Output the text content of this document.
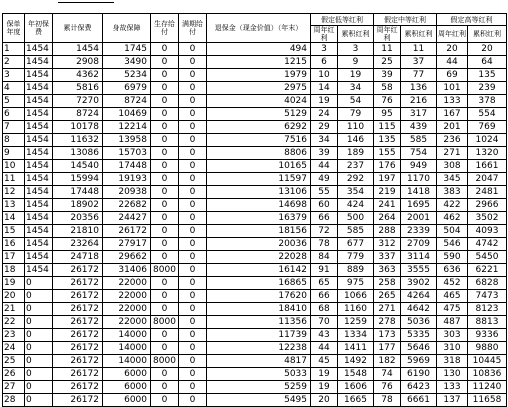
保单年度	年初保费	累计保费	身故保障	生存给付	满期给付	退保金（现金价值）（年末）	假定低等红利		假定中等红利		假定高等红利	
							周年红利	累积红利	周年红利	累积红利	周年红利	累积红利
1	1454	1454	1745	0	0	494	3	3	11	11	20	20
2	1454	2908	3490	0	0	1215	6	9	25	37	44	64
3	1454	4362	5234	0	0	1979	10	19	39	77	69	135
4	1454	5816	6979	0	0	2975	14	34	58	136	101	239
5	1454	7270	8724	0	0	4024	19	54	76	216	133	378
6	1454	8724	10469	0	0	5129	24	79	95	317	167	554
7	1454	10178	12214	0	0	6292	29	110	115	439	201	769
8	1454	11632	13958	0	0	7516	34	146	135	585	236	1024
9	1454	13086	15703	0	0	8806	39	189	155	754	271	1320
10	1454	14540	17448	0	0	10165	44	237	176	949	308	1661
11	1454	15994	19193	0	0	11597	49	292	197	1170	345	2047
12	1454	17448	20938	0	0	13106	55	354	219	1418	383	2481
13	1454	18902	22682	0	0	14698	60	424	241	1695	422	2966
14	1454	20356	24427	0	0	16379	66	500	264	2001	462	3502
15	1454	21810	26172	0	0	18156	72	585	288	2339	504	4093
16	1454	23264	27917	0	0	20036	78	677	312	2709	546	4742
17	1454	24718	29662	0	0	22028	84	779	337	3114	590	5450
18	1454	26172	31406	8000	0	16142	91	889	363	3555	636	6221
19	0	26172	22000	0	0	16865	65	975	258	3902	452	6828
20	0	26172	22000	0	0	17620	66	1066	265	4264	465	7473
21	0	26172	22000	0	0	18410	68	1160	271	4642	475	8123
22	0	26172	22000	8000	0	11356	70	1259	278	5036	487	8813
23	0	26172	14000	0	0	11739	43	1334	173	5335	303	9336
24	0	26172	14000	0	0	12238	44	1411	177	5646	310	9880
25	0	26172	14000	8000	0	4817	45	1492	182	5969	318	10445
26	0	26172	6000	0	0	5033	19	1548	74	6190	130	10836
27	0	26172	6000	0	0	5259	19	1606	76	6423	133	11240
28	0	26172	6000	0	0	5495	20	1665	78	6661	137	11658
